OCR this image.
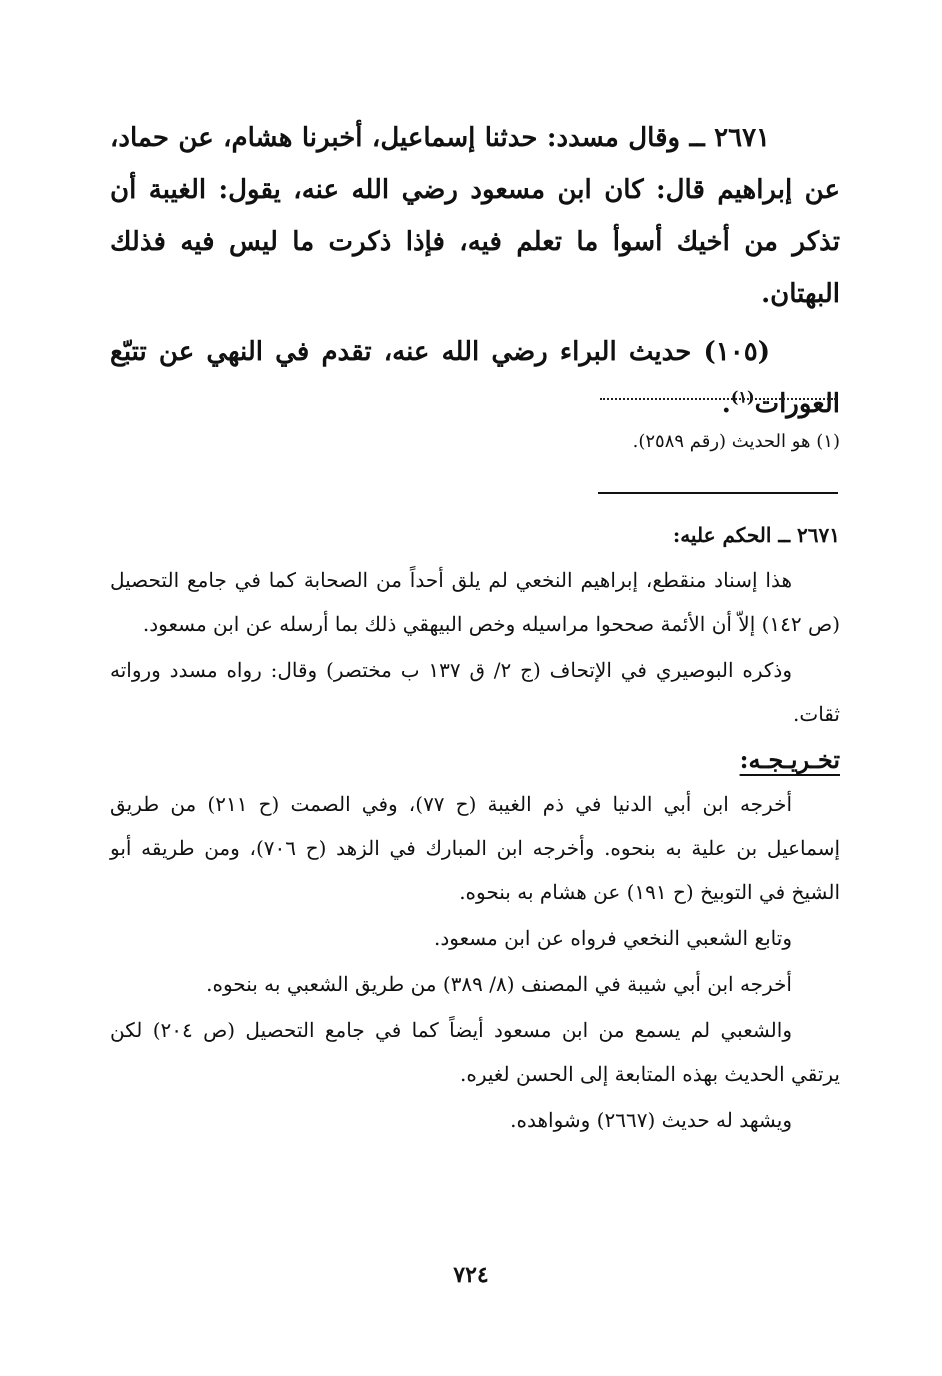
٢٦٧١ ــ وقال مسدد: حدثنا إسماعيل، أخبرنا هشام، عن حماد، عن إبراهيم قال: كان ابن مسعود رضي الله عنه، يقول: الغيبة أن تذكر من أخيك أسوأ ما تعلم فيه، فإذا ذكرت ما ليس فيه فذلك البهتان.

(١٠٥) حديث البراء رضي الله عنه، تقدم في النهي عن تتبّع العورات$^{(١)}$.

(١) هو الحديث (رقم ٢٥٨٩).
٢٦٧١ ــ الحكم عليه:

هذا إسناد منقطع، إبراهيم النخعي لم يلق أحداً من الصحابة كما في جامع التحصيل (ص ١٤٢) إلاّ أن الأئمة صححوا مراسيله وخص البيهقي ذلك بما أرسله عن ابن مسعود.

وذكره البوصيري في الإتحاف (ج ٢/ ق ١٣٧ ب مختصر) وقال: رواه مسدد ورواته ثقات.

تخـريـجـه:

أخرجه ابن أبي الدنيا في ذم الغيبة (ح ٧٧)، وفي الصمت (ح ٢١١) من طريق إسماعيل بن علية به بنحوه. وأخرجه ابن المبارك في الزهد (ح ٧٠٦)، ومن طريقه أبو الشيخ في التوبيخ (ح ١٩١) عن هشام به بنحوه.

وتابع الشعبي النخعي فرواه عن ابن مسعود.

أخرجه ابن أبي شيبة في المصنف (٨/ ٣٨٩) من طريق الشعبي به بنحوه.

والشعبي لم يسمع من ابن مسعود أيضاً كما في جامع التحصيل (ص ٢٠٤) لكن يرتقي الحديث بهذه المتابعة إلى الحسن لغيره.

ويشهد له حديث (٢٦٦٧) وشواهده.

٧٢٤
